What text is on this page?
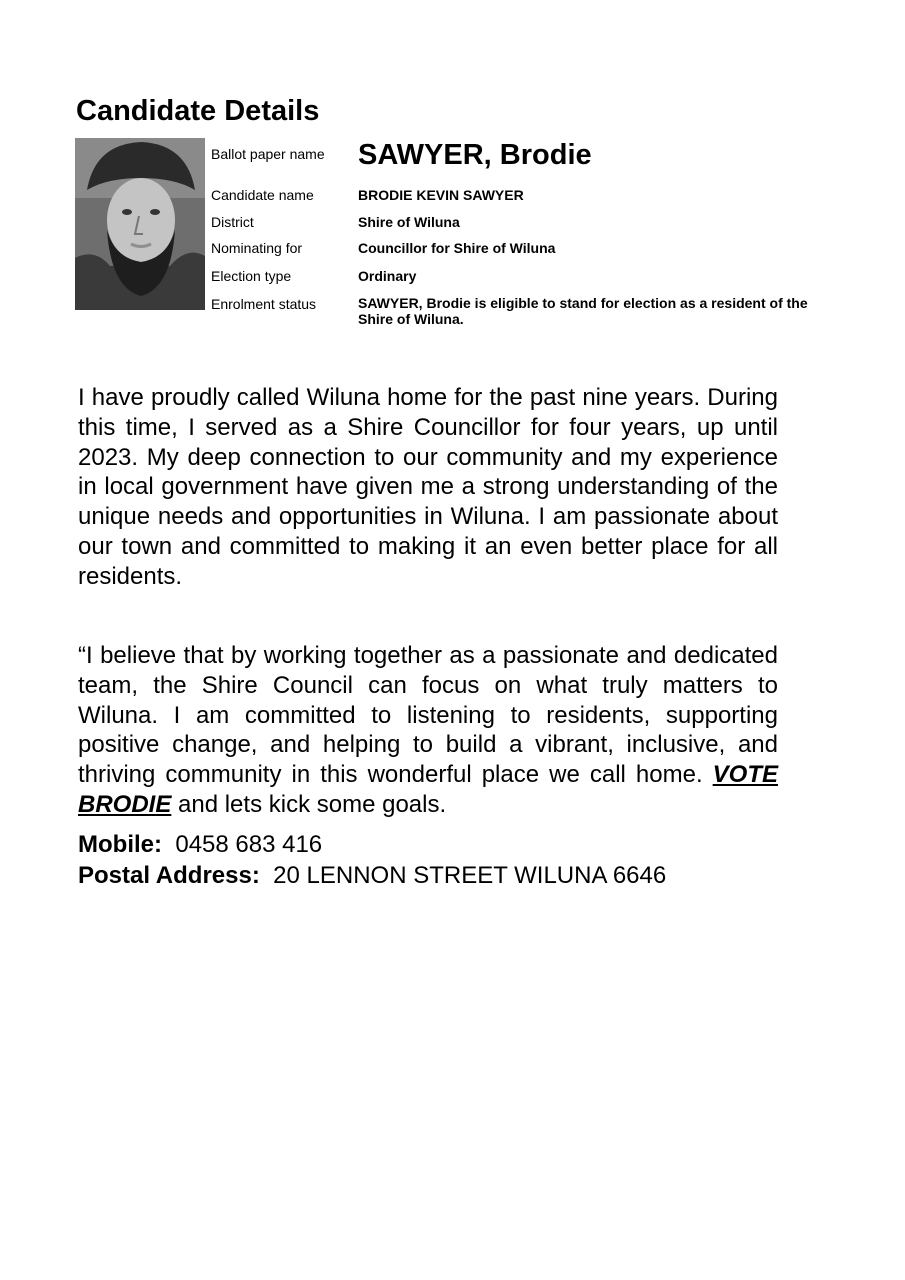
Candidate Details
Ballot paper name SAWYER, Brodie
Candidate name	BRODIE KEVIN SAWYER
District	Shire of Wiluna
Nominating for	Councillor for Shire of Wiluna
Election type	Ordinary
Enrolment status	SAWYER, Brodie is eligible to stand for election as a resident of the Shire of Wiluna.

I have proudly called Wiluna home for the past nine years. During this time, I served as a Shire Councillor for four years, up until 2023. My deep connection to our community and my experience in local government have given me a strong understanding of the unique needs and opportunities in Wiluna. I am passionate about our town and committed to making it an even better place for all residents.

“I believe that by working together as a passionate and dedicated team, the Shire Council can focus on what truly matters to Wiluna. I am committed to listening to residents, supporting positive change, and helping to build a vibrant, inclusive, and thriving community in this wonderful place we call home. VOTE BRODIE and lets kick some goals.

Mobile: 0458 683 416
Postal Address: 20 LENNON STREET WILUNA 6646
